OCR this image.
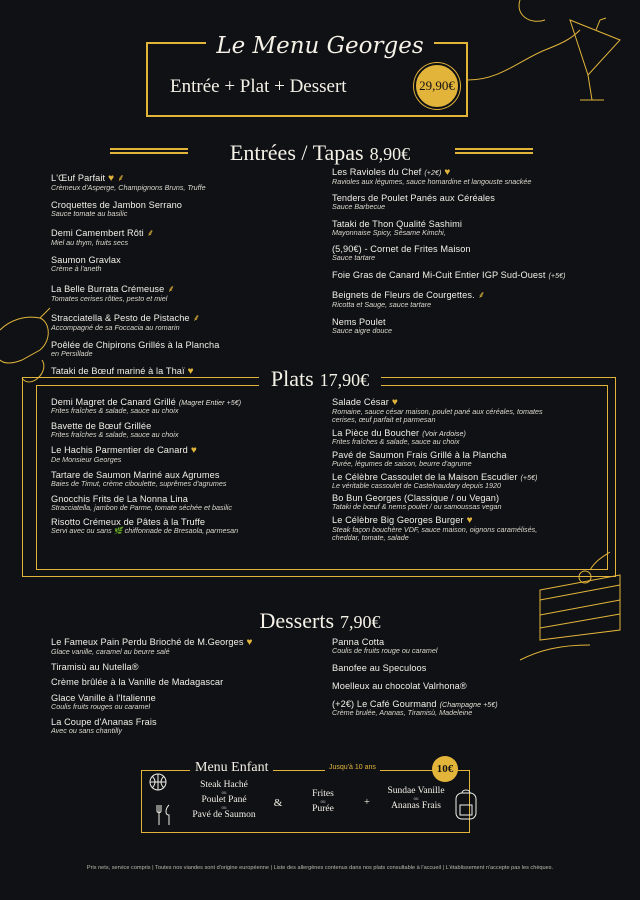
Le Menu Georges
Entrée + Plat + Dessert	29,90€
Entrées / Tapas 8,90€
L'Œuf Parfait ♥ ⸙
Crèmeux d'Asperge, Champignons Bruns, Truffe
Croquettes de Jambon Serrano
Sauce tomate au basilic
Demi Camembert Rôti ⸙
Miel au thym, fruits secs
Saumon Gravlax
Crème à l'aneth
La Belle Burrata Crémeuse ⸙
Tomates cerises rôties, pesto et miel
Stracciatella & Pesto de Pistache ⸙
Accompagné de sa Foccacia au romarin
Poêlée de Chipirons Grillés à la Plancha
en Persillade
Tataki de Bœuf mariné à la Thaï ♥
Les Ravioles du Chef (+2€) ♥
Ravioles aux légumes, sauce homardine et langouste snackée
Tenders de Poulet Panés aux Céréales
Sauce Barbecue
Tataki de Thon Qualité Sashimi
Mayonnaise Spicy, Sésame Kimchi,
(5,90€) - Cornet de Frites Maison
Sauce tartare
Foie Gras de Canard Mi-Cuit Entier IGP Sud-Ouest (+5€)
Beignets de Fleurs de Courgettes. ⸙
Ricotta et Sauge, sauce tartare
Nems Poulet
Sauce aigre douce
Plats 17,90€
Demi Magret de Canard Grillé (Magret Entier +5€)
Frites fraîches & salade, sauce au choix
Bavette de Bœuf Grillée
Frites fraîches & salade, sauce au choix
Le Hachis Parmentier de Canard ♥
De Monsieur Georges
Tartare de Saumon Mariné aux Agrumes
Baies de Timut, crème ciboulette, suprêmes d'agrumes
Gnocchis Frits de La Nonna Lina
Stracciatella, jambon de Parme, tomate séchée et basilic
Risotto Crémeux de Pâtes à la Truffe
Servi avec ou sans 🌿 chiffonnade de Bresaola, parmesan
Salade César ♥
Romaine, sauce césar maison, poulet pané aux céréales, tomates cerises, œuf parfait et parmesan
La Pièce du Boucher (Voir Ardoise)
Frites fraîches & salade, sauce au choix
Pavé de Saumon Frais Grillé à la Plancha
Purée, légumes de saison, beurre d'agrume
Le Célèbre Cassoulet de la Maison Escudier (+5€)
Le véritable cassoulet de Castelnaudary depuis 1920
Bo Bun Georges (Classique / ou Vegan)
Tataki de bœuf & nems poulet / ou samoussas vegan
Le Célèbre Big Georges Burger ♥
Steak façon bouchère VDF, sauce maison, oignons caramélisés, cheddar, tomate, salade
Desserts 7,90€
Le Fameux Pain Perdu Brioché de M.Georges ♥
Glace vanille, caramel au beurre salé
Tiramisù au Nutella®
Crème brûlée à la Vanille de Madagascar
Glace Vanille à l'Italienne
Coulis fruits rouges ou caramel
La Coupe d'Ananas Frais
Avec ou sans chantilly
Panna Cotta
Coulis de fruits rouge ou caramel
Banofee au Speculoos
Moelleux au chocolat Valrhona®
(+2€) Le Café Gourmand (Champagne +5€)
Crème brulée, Ananas, Tiramisù, Madeleine
Menu Enfant	Jusqu'à 10 ans	10€
Steak Haché
ou
Poulet Pané
ou
Pavé de Saumon
&
Frites
ou
Purée
+
Sundae Vanille
ou
Ananas Frais
Prix nets, service compris | Toutes nos viandes sont d'origine européenne | Liste des allergènes contenus dans nos plats consultable à l'accueil | L'établissement n'accepte pas les chèques.
